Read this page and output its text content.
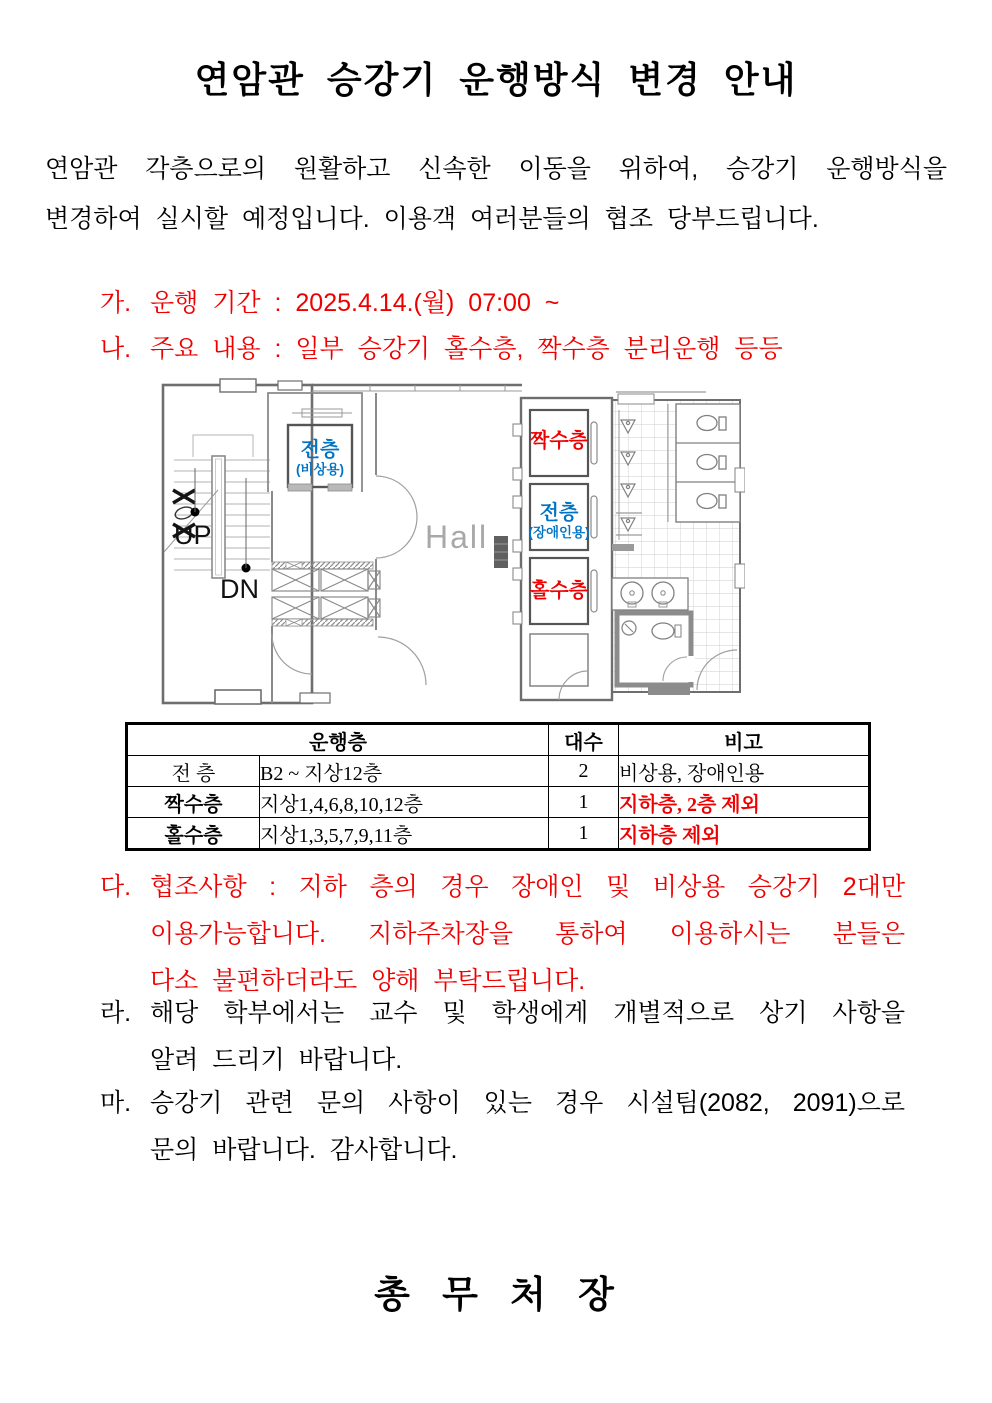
연암관 승강기 운행방식 변경 안내
연암관 각층으로의 원활하고 신속한 이동을 위하여, 승강기 운행방식을
변경하여 실시할 예정입니다. 이용객 여러분들의 협조 당부드립니다.
가. 운행 기간 : 2025.4.14.(월) 07:00 ~
나. 주요 내용 : 일부 승강기 홀수층, 짝수층 분리운행 등등
UP
DN
전층
(비상용)
Hall
짝수층
전층
(장애인용)
홀수층
운행층		대수	비고
전 층	B2 ~ 지상12층	2	비상용, 장애인용
짝수층	지상1,4,6,8,10,12층	1	지하층, 2층 제외
홀수층	지상1,3,5,7,9,11층	1	지하층 제외
다. 협조사항 : 지하 층의 경우 장애인 및 비상용 승강기 2대만
이용가능합니다. 지하주차장을 통하여 이용하시는 분들은
다소 불편하더라도 양해 부탁드립니다.
라. 해당 학부에서는 교수 및 학생에게 개별적으로 상기 사항을
알려 드리기 바랍니다.
마. 승강기 관련 문의 사항이 있는 경우 시설팀(2082, 2091)으로
문의 바랍니다. 감사합니다.
총 무 처 장
